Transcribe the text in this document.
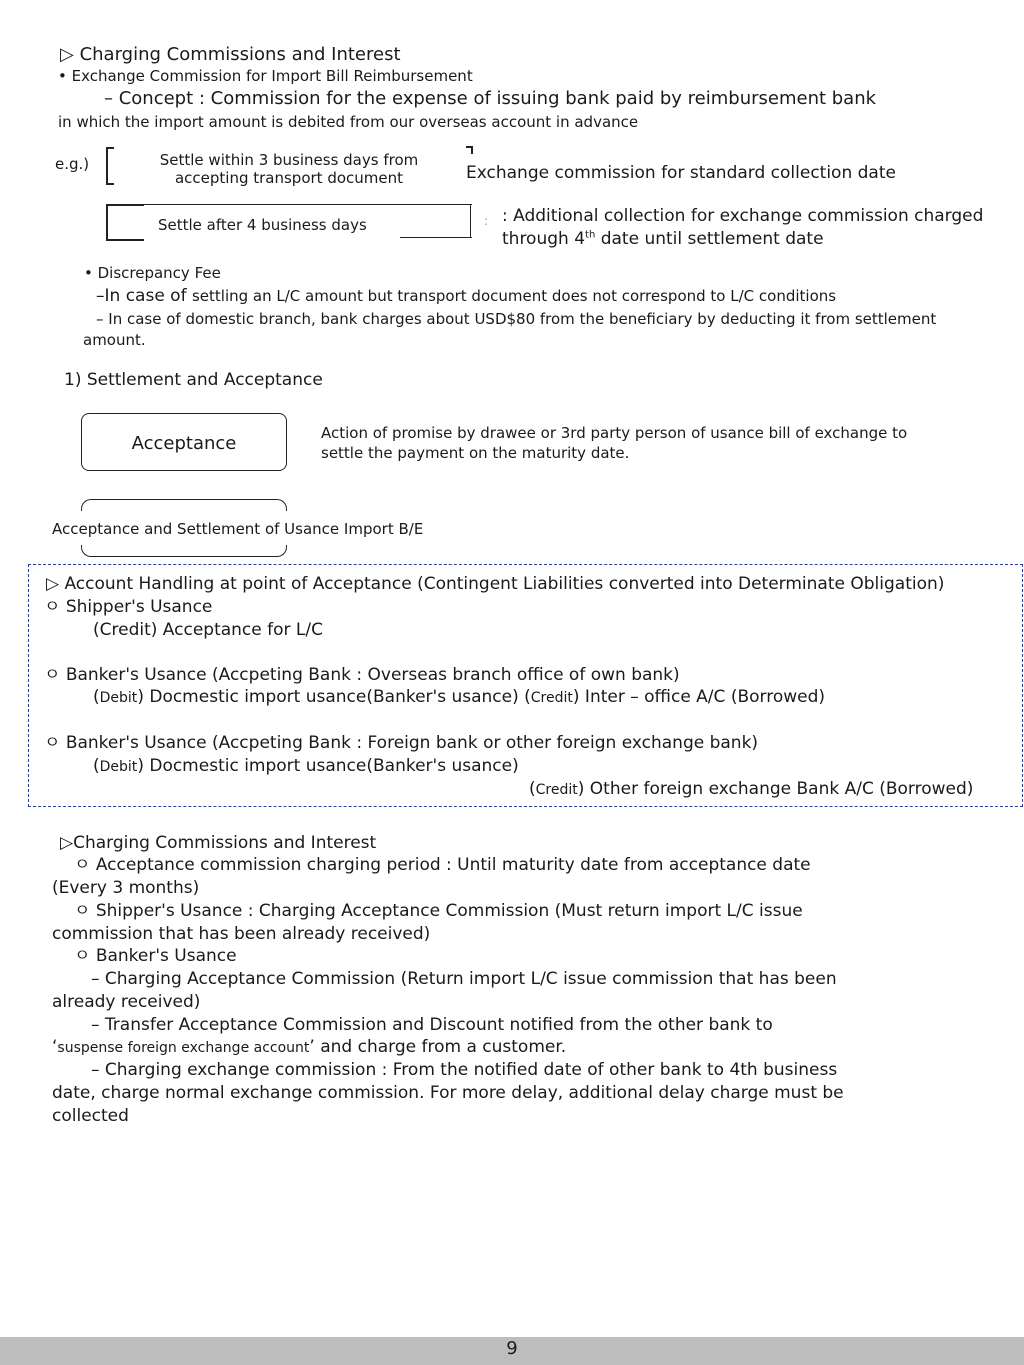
▷ Charging Commissions and Interest
• Exchange Commission for Import Bill Reimbursement
– Concept : Commission for the expense of issuing bank paid by reimbursement bank
in which the import amount is debited from our overseas account in advance
e.g.)	Settle within 3 business days from accepting transport document	Exchange commission for standard collection date
Settle after 4 business days	: : Additional collection for exchange commission charged
through 4th date until settlement date
• Discrepancy Fee
–In case of settling an L/C amount but transport document does not correspond to L/C conditions
– In case of domestic branch, bank charges about USD$80 from the beneficiary by deducting it from settlement
amount.
1) Settlement and Acceptance
Acceptance	Action of promise by drawee or 3rd party person of usance bill of exchange to
settle the payment on the maturity date.
Acceptance and Settlement of Usance Import B/E
▷ Account Handling at point of Acceptance (Contingent Liabilities converted into Determinate Obligation)
ㅇ Shipper's Usance
(Credit) Acceptance for L/C
ㅇ Banker's Usance (Accpeting Bank : Overseas branch office of own bank)
(Debit) Docmestic import usance(Banker's usance) (Credit) Inter – office A/C (Borrowed)
ㅇ Banker's Usance (Accpeting Bank : Foreign bank or other foreign exchange bank)
(Debit) Docmestic import usance(Banker's usance)
(Credit) Other foreign exchange Bank A/C (Borrowed)
▷Charging Commissions and Interest
ㅇ Acceptance commission charging period : Until maturity date from acceptance date
(Every 3 months)
ㅇ Shipper's Usance : Charging Acceptance Commission (Must return import L/C issue
commission that has been already received)
ㅇ Banker's Usance
– Charging Acceptance Commission (Return import L/C issue commission that has been
already received)
– Transfer Acceptance Commission and Discount notified from the other bank to
‘suspense foreign exchange account’ and charge from a customer.
– Charging exchange commission : From the notified date of other bank to 4th business
date, charge normal exchange commission. For more delay, additional delay charge must be
collected
9
